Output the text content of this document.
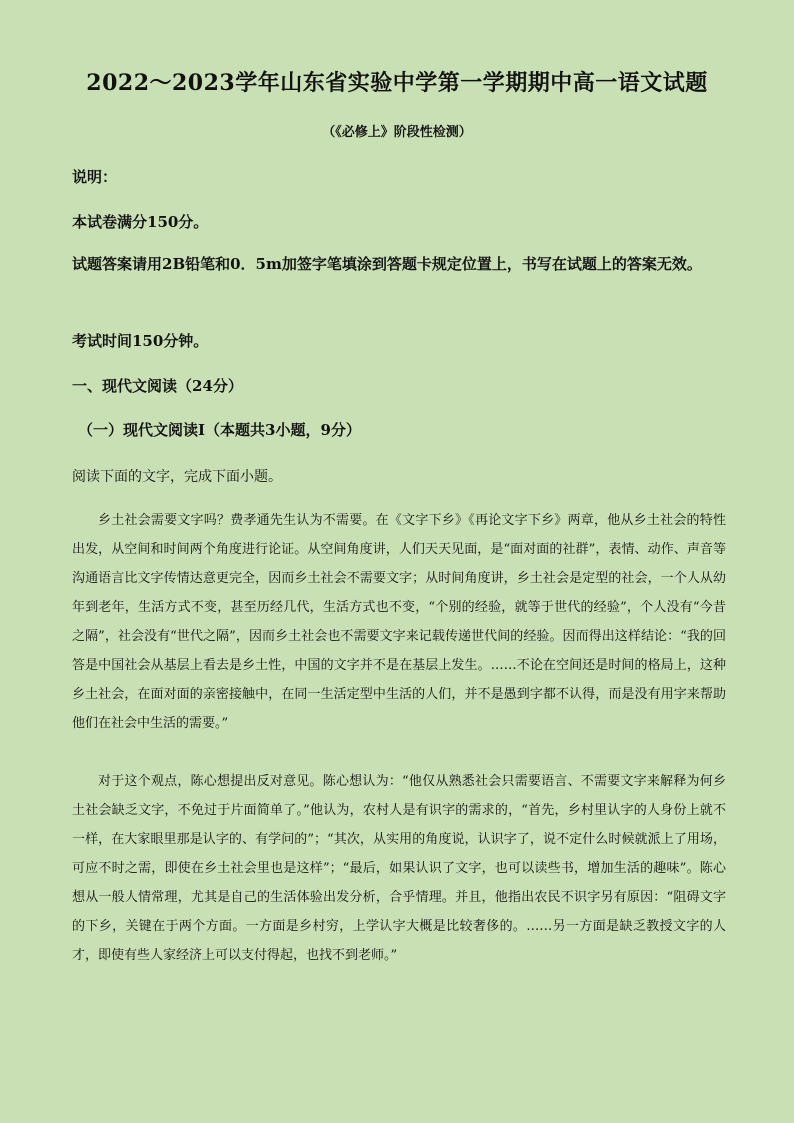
2022～2023学年山东省实验中学第一学期期中高一语文试题
（《必修上》阶段性检测）
说明：
本试卷满分150分。
试题答案请用2B铅笔和0．5m加签字笔填涂到答题卡规定位置上，书写在试题上的答案无效。
考试时间150分钟。
一、现代文阅读（24分）
（一）现代文阅读Ⅰ（本题共3小题，9分）
阅读下面的文字，完成下面小题。
乡土社会需要文字吗？费孝通先生认为不需要。在《文字下乡》《再论文字下乡》两章，他从乡土社会的特性出发，从空间和时间两个角度进行论证。从空间角度讲，人们天天见面，是“面对面的社群”，表情、动作、声音等沟通语言比文字传情达意更完全，因而乡土社会不需要文字；从时间角度讲，乡土社会是定型的社会，一个人从幼年到老年，生活方式不变，甚至历经几代，生活方式也不变，“个别的经验，就等于世代的经验”，个人没有“今昔之隔”，社会没有“世代之隔”，因而乡土社会也不需要文字来记载传递世代间的经验。因而得出这样结论：“我的回答是中国社会从基层上看去是乡土性，中国的文字并不是在基层上发生。……不论在空间还是时间的格局上，这种乡土社会，在面对面的亲密接触中，在同一生活定型中生活的人们，并不是愚到字都不认得，而是没有用字来帮助他们在社会中生活的需要。”
对于这个观点，陈心想提出反对意见。陈心想认为：“他仅从熟悉社会只需要语言、不需要文字来解释为何乡土社会缺乏文字，不免过于片面简单了。”他认为，农村人是有识字的需求的，“首先，乡村里认字的人身份上就不一样，在大家眼里那是认字的、有学问的”；“其次，从实用的角度说，认识字了，说不定什么时候就派上了用场，可应不时之需，即使在乡土社会里也是这样”；“最后，如果认识了文字，也可以读些书，增加生活的趣味”。陈心想从一般人情常理，尤其是自己的生活体验出发分析，合乎情理。并且，他指出农民不识字另有原因：“阻碍文字的下乡，关键在于两个方面。一方面是乡村穷，上学认字大概是比较奢侈的。……另一方面是缺乏教授文字的人才，即使有些人家经济上可以支付得起，也找不到老师。”
